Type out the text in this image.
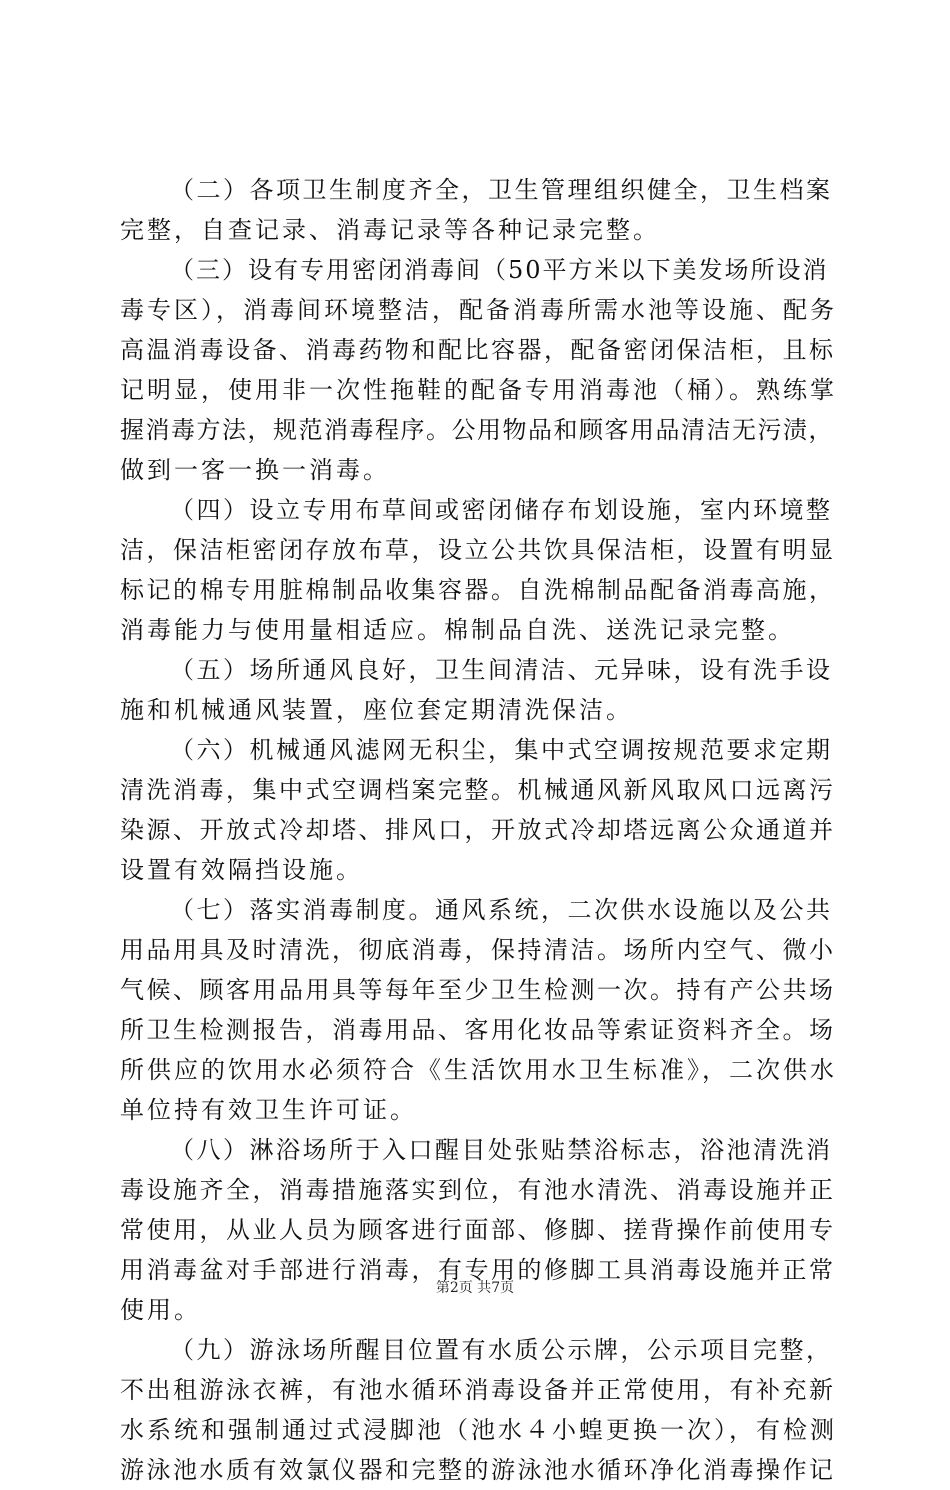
（二）各项卫生制度齐全，卫生管理组织健全，卫生档案
完整，自查记录、消毒记录等各种记录完整。
（三）设有专用密闭消毒间（50平方米以下美发场所设消
毒专区），消毒间环境整洁，配备消毒所需水池等设施、配务
高温消毒设备、消毒药物和配比容器，配备密闭保洁柜，且标
记明显，使用非一次性拖鞋的配备专用消毒池（桶）。熟练掌
握消毒方法，规范消毒程序。公用物品和顾客用品清洁无污渍，
做到一客一换一消毒。
（四）设立专用布草间或密闭储存布划设施，室内环境整
洁，保洁柜密闭存放布草，设立公共饮具保洁柜，设置有明显
标记的棉专用脏棉制品收集容器。自洗棉制品配备消毒高施，
消毒能力与使用量相适应。棉制品自洗、送洗记录完整。
（五）场所通风良好，卫生间清洁、元异味，设有洗手设
施和机械通风装置，座位套定期清洗保洁。
（六）机械通风滤网无积尘，集中式空调按规范要求定期
清洗消毒，集中式空调档案完整。机械通风新风取风口远离污
染源、开放式冷却塔、排风口，开放式冷却塔远离公众通道并
设置有效隔挡设施。
（七）落实消毒制度。通风系统，二次供水设施以及公共
用品用具及时清洗，彻底消毒，保持清洁。场所内空气、微小
气候、顾客用品用具等每年至少卫生检测一次。持有产公共场
所卫生检测报告，消毒用品、客用化妆品等索证资料齐全。场
所供应的饮用水必须符合《生活饮用水卫生标准》，二次供水
单位持有效卫生许可证。
（八）淋浴场所于入口醒目处张贴禁浴标志，浴池清洗消
毒设施齐全，消毒措施落实到位，有池水清洗、消毒设施并正
常使用，从业人员为顾客进行面部、修脚、搓背操作前使用专
用消毒盆对手部进行消毒，有专用的修脚工具消毒设施并正常
使用。
（九）游泳场所醒目位置有水质公示牌，公示项目完整，
不出租游泳衣裤，有池水循环消毒设备并正常使用，有补充新
水系统和强制通过式浸脚池（池水４小蝗更换一次），有检测
游泳池水质有效氯仪器和完整的游泳池水循环净化消毒操作记
第2页 共7页
